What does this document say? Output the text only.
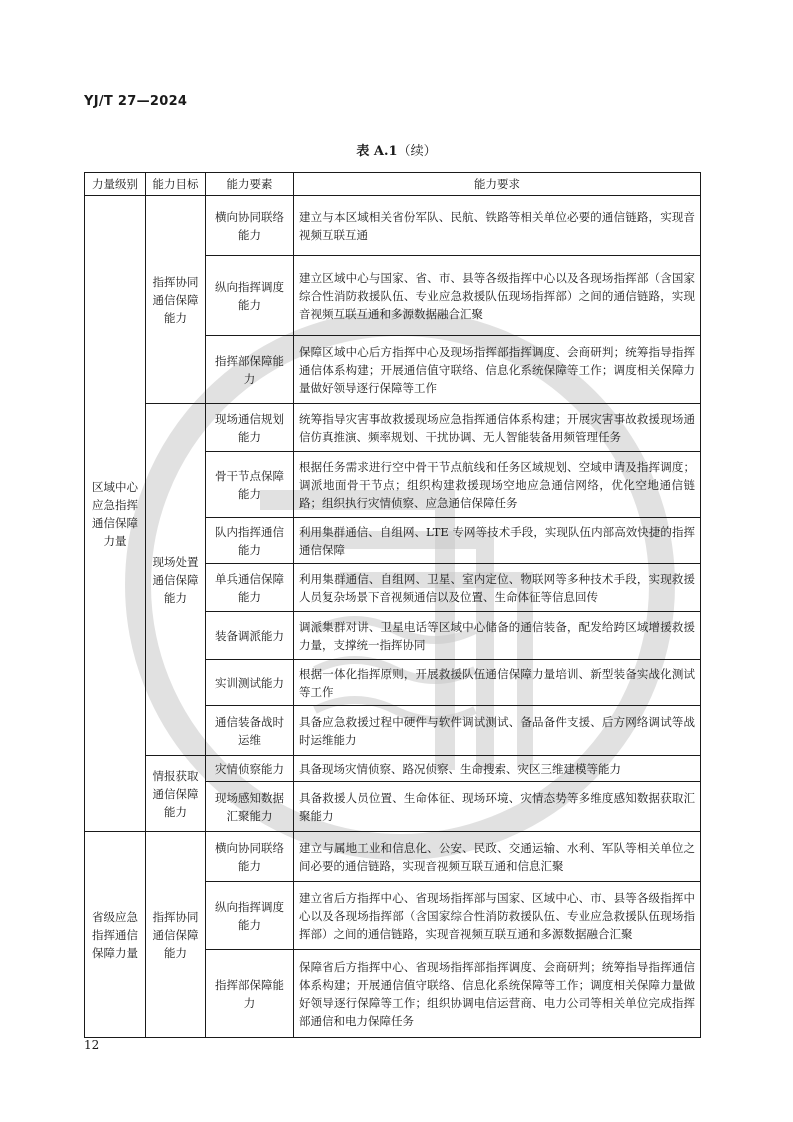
YJ/T 27—2024
表 A.1（续）
力量级别	能力目标	能力要素	能力要求
区域中心应急指挥通信保障力量	指挥协同通信保障能力	横向协同联络能力	建立与本区域相关省份军队、民航、铁路等相关单位必要的通信链路，实现音视频互联互通
		纵向指挥调度能力	建立区域中心与国家、省、市、县等各级指挥中心以及各现场指挥部（含国家综合性消防救援队伍、专业应急救援队伍现场指挥部）之间的通信链路，实现音视频互联互通和多源数据融合汇聚
		指挥部保障能力	保障区域中心后方指挥中心及现场指挥部指挥调度、会商研判；统筹指导指挥通信体系构建；开展通信值守联络、信息化系统保障等工作；调度相关保障力量做好领导逐行保障等工作
	现场处置通信保障能力	现场通信规划能力	统筹指导灾害事故救援现场应急指挥通信体系构建；开展灾害事故救援现场通信仿真推演、频率规划、干扰协调、无人智能装备用频管理任务
		骨干节点保障能力	根据任务需求进行空中骨干节点航线和任务区域规划、空域申请及指挥调度；调派地面骨干节点；组织构建救援现场空地应急通信网络，优化空地通信链路；组织执行灾情侦察、应急通信保障任务
		队内指挥通信能力	利用集群通信、自组网、LTE 专网等技术手段，实现队伍内部高效快捷的指挥通信保障
		单兵通信保障能力	利用集群通信、自组网、卫星、室内定位、物联网等多种技术手段，实现救援人员复杂场景下音视频通信以及位置、生命体征等信息回传
		装备调派能力	调派集群对讲、卫星电话等区域中心储备的通信装备，配发给跨区域增援救援力量，支撑统一指挥协同
		实训测试能力	根据一体化指挥原则，开展救援队伍通信保障力量培训、新型装备实战化测试等工作
		通信装备战时运维	具备应急救援过程中硬件与软件调试测试、备品备件支援、后方网络调试等战时运维能力
	情报获取通信保障能力	灾情侦察能力	具备现场灾情侦察、路况侦察、生命搜索、灾区三维建模等能力
		现场感知数据汇聚能力	具备救援人员位置、生命体征、现场环境、灾情态势等多维度感知数据获取汇聚能力
省级应急指挥通信保障力量	指挥协同通信保障能力	横向协同联络能力	建立与属地工业和信息化、公安、民政、交通运输、水利、军队等相关单位之间必要的通信链路，实现音视频互联互通和信息汇聚
		纵向指挥调度能力	建立省后方指挥中心、省现场指挥部与国家、区域中心、市、县等各级指挥中心以及各现场指挥部（含国家综合性消防救援队伍、专业应急救援队伍现场指挥部）之间的通信链路，实现音视频互联互通和多源数据融合汇聚
		指挥部保障能力	保障省后方指挥中心、省现场指挥部指挥调度、会商研判；统筹指导指挥通信体系构建；开展通信值守联络、信息化系统保障等工作；调度相关保障力量做好领导逐行保障等工作；组织协调电信运营商、电力公司等相关单位完成指挥部通信和电力保障任务
12
